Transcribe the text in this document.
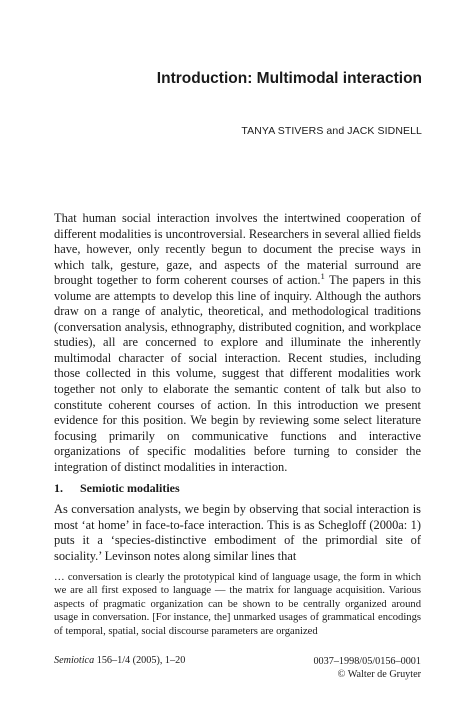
Introduction: Multimodal interaction
TANYA STIVERS and JACK SIDNELL

That human social interaction involves the intertwined cooperation of different modalities is uncontroversial. Researchers in several allied fields have, however, only recently begun to document the precise ways in which talk, gesture, gaze, and aspects of the material surround are brought together to form coherent courses of action.$^1$ The papers in this volume are attempts to develop this line of inquiry. Although the authors draw on a range of analytic, theoretical, and methodological traditions (conversation analysis, ethnography, distributed cognition, and workplace studies), all are concerned to explore and illuminate the inherently multimodal character of social interaction. Recent studies, including those collected in this volume, suggest that different modalities work together not only to elaborate the semantic content of talk but also to constitute coherent courses of action. In this introduction we present evidence for this position. We begin by reviewing some select literature focusing primarily on communicative functions and interactive organizations of specific modalities before turning to consider the integration of distinct modalities in interaction.

1. Semiotic modalities

As conversation analysts, we begin by observing that social interaction is most ‘at home’ in face-to-face interaction. This is as Schegloff (2000a: 1) puts it a ‘species-distinctive embodiment of the primordial site of sociality.’ Levinson notes along similar lines that

… conversation is clearly the prototypical kind of language usage, the form in which we are all first exposed to language — the matrix for language acquisition. Various aspects of pragmatic organization can be shown to be centrally organized around usage in conversation. [For instance, the] unmarked usages of grammatical encodings of temporal, spatial, social discourse parameters are organized

Semiotica 156–1/4 (2005), 1–20	0037–1998/05/0156–0001
© Walter de Gruyter
